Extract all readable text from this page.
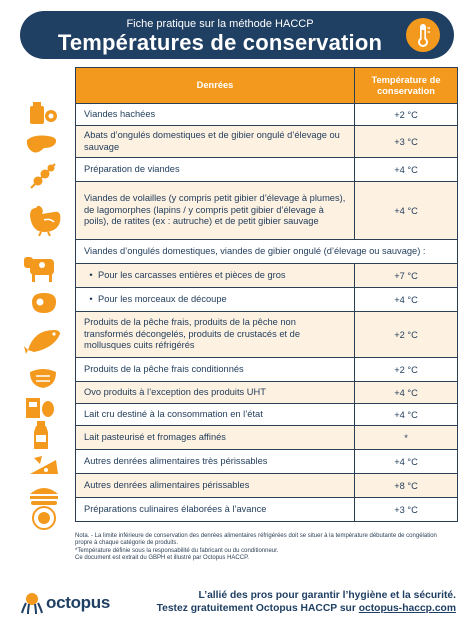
Fiche pratique sur la méthode HACCP
Températures de conservation
Denrées	Température de conservation
Viandes hachées	+2 °C
Abats d’ongulés domestiques et de gibier ongulé d’élevage ou sauvage	+3 °C
Préparation de viandes	+4 °C
Viandes de volailles (y compris petit gibier d’élevage à plumes), de lagomorphes (lapins / y compris petit gibier d’élevage à poils), de ratites (ex : autruche) et de petit gibier sauvage	+4 °C
Viandes d’ongulés domestiques, viandes de gibier ongulé (d’élevage ou sauvage) :	
• Pour les carcasses entières et pièces de gros	+7 °C
• Pour les morceaux de découpe	+4 °C
Produits de la pêche frais, produits de la pêche non transformés décongelés, produits de crustacés et de mollusques cuits réfrigérés	+2 °C
Produits de la pêche frais conditionnés	+2 °C
Ovo produits à l’exception des produits UHT	+4 °C
Lait cru destiné à la consommation en l’état	+4 °C
Lait pasteurisé et fromages affinés	*
Autres denrées alimentaires très périssables	+4 °C
Autres denrées alimentaires périssables	+8 °C
Préparations culinaires élaborées à l’avance	+3 °C
Nota. - La limite inférieure de conservation des denrées alimentaires réfrigérées doit se situer à la température débutante de congélation propre à chaque catégorie de produits.
*Température définie sous la responsabilité du fabricant ou du conditionneur.
Ce document est extrait du GBPH et illustré par Octopus HACCP.
octopus	L’allié des pros pour garantir l’hygiène et la sécurité.
Testez gratuitement Octopus HACCP sur octopus-haccp.com
